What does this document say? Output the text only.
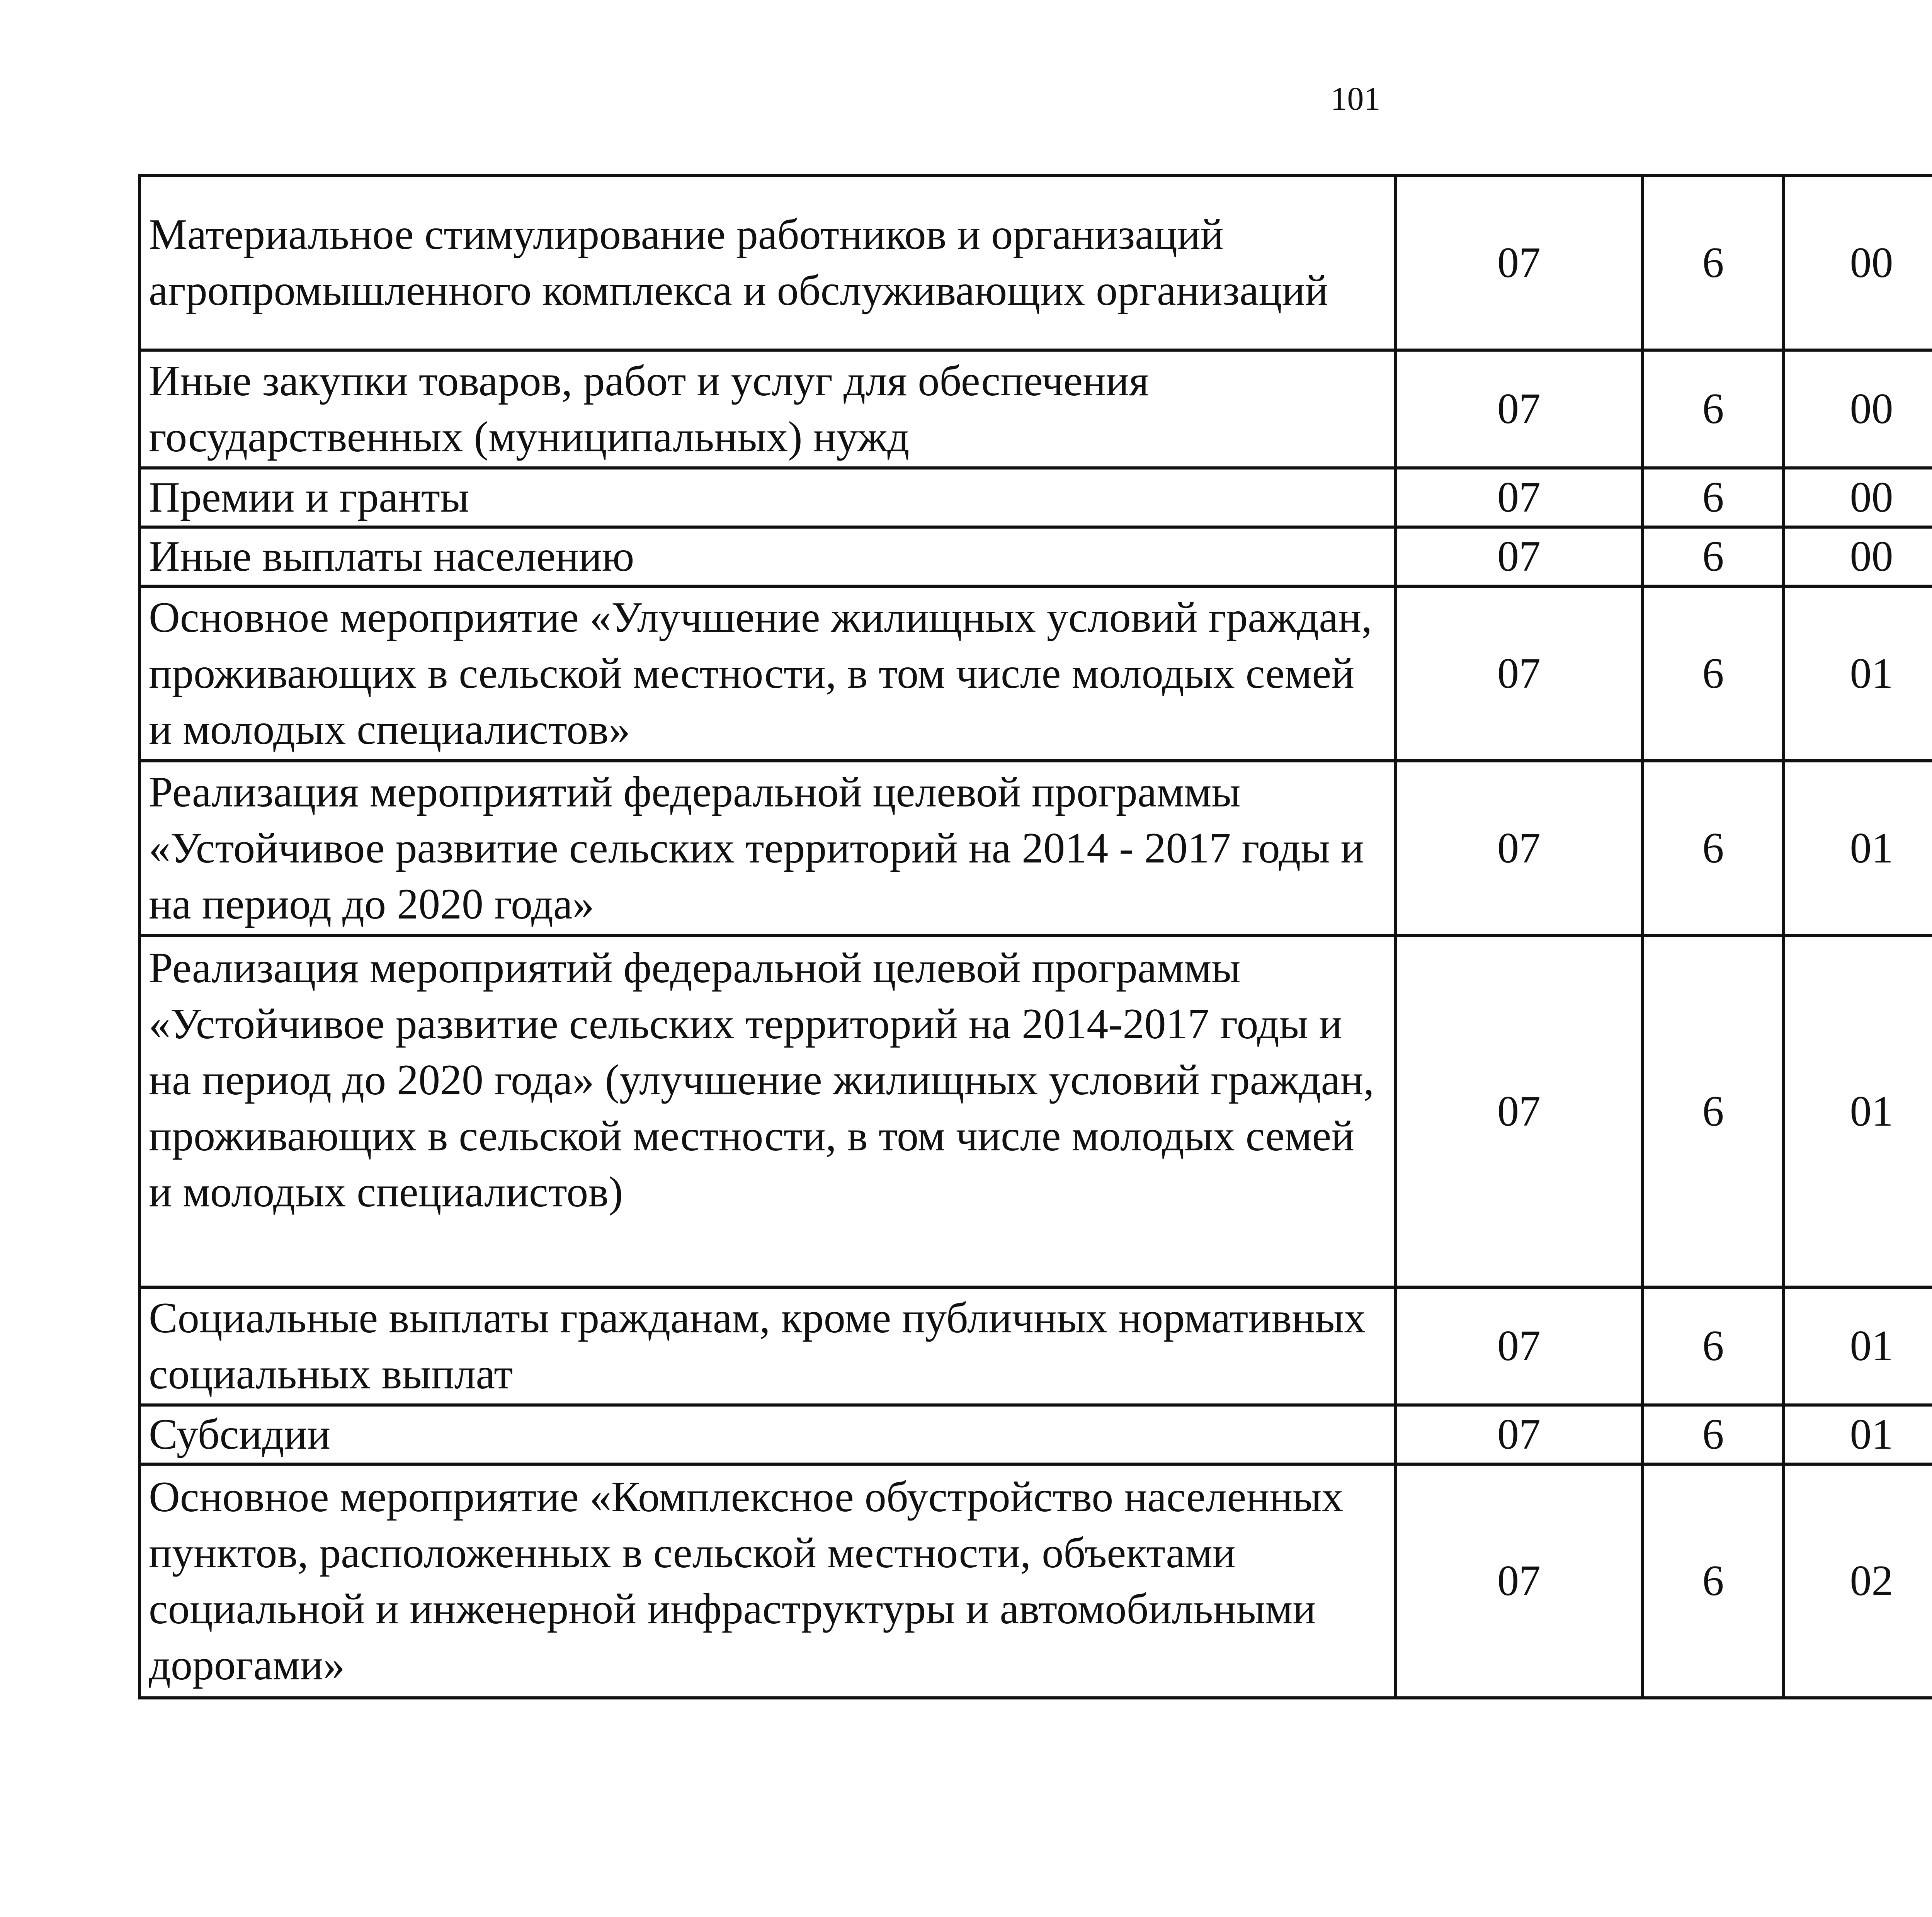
101
Материальное стимулирование работников и организаций агропромышленного комплекса и обслуживающих организаций	07	6	00			
Иные закупки товаров, работ и услуг для обеспечения государственных (муниципальных) нужд	07	6	00			
Премии и гранты	07	6	00			
Иные выплаты населению	07	6	00			
Основное мероприятие «Улучшение жилищных условий граждан, проживающих в сельской местности, в том числе молодых семей и молодых специалистов»	07	6	01			
Реализация мероприятий федеральной целевой программы «Устойчивое развитие сельских территорий на 2014 - 2017 годы и на период до 2020 года»	07	6	01			
Реализация мероприятий федеральной целевой программы «Устойчивое развитие сельских территорий на 2014-2017 годы и на период до 2020 года» (улучшение жилищных условий граждан, проживающих в сельской местности, в том числе молодых семей и молодых специалистов)	07	6	01			
Социальные выплаты гражданам, кроме публичных нормативных социальных выплат	07	6	01			
Субсидии	07	6	01			
Основное мероприятие «Комплексное обустройство населенных пунктов, расположенных в сельской местности, объектами социальной и инженерной инфраструктуры и автомобильными дорогами»	07	6	02			
